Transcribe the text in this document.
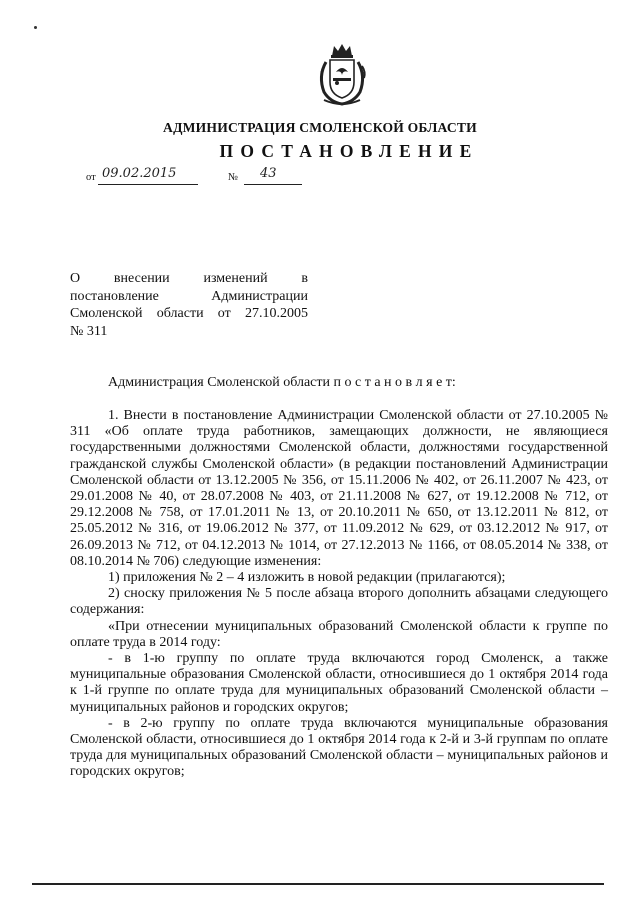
АДМИНИСТРАЦИЯ СМОЛЕНСКОЙ ОБЛАСТИ
ПОСТАНОВЛЕНИЕ
от 09.02.2015	№ 43
О внесении изменений в
постановление Администрации
Смоленской области от 27.10.2005
№ 311
Администрация Смоленской области п о с т а н о в л я е т:

1. Внести в постановление Администрации Смоленской области от 27.10.2005 № 311 «Об оплате труда работников, замещающих должности, не являющиеся государственными должностями Смоленской области, должностями государственной гражданской службы Смоленской области» (в редакции постановлений Администрации Смоленской области от 13.12.2005 № 356, от 15.11.2006 № 402, от 26.11.2007 № 423, от 29.01.2008 № 40, от 28.07.2008 № 403, от 21.11.2008 № 627, от 19.12.2008 № 712, от 29.12.2008 № 758, от 17.01.2011 № 13, от 20.10.2011 № 650, от 13.12.2011 № 812, от 25.05.2012 № 316, от 19.06.2012 № 377, от 11.09.2012 № 629, от 03.12.2012 № 917, от 26.09.2013 № 712, от 04.12.2013 № 1014, от 27.12.2013 № 1166, от 08.05.2014 № 338, от 08.10.2014 № 706) следующие изменения:

1) приложения № 2 – 4 изложить в новой редакции (прилагаются);

2) сноску приложения № 5 после абзаца второго дополнить абзацами следующего содержания:

«При отнесении муниципальных образований Смоленской области к группе по оплате труда в 2014 году:

- в 1-ю группу по оплате труда включаются город Смоленск, а также муниципальные образования Смоленской области, относившиеся до 1 октября 2014 года к 1-й группе по оплате труда для муниципальных образований Смоленской области – муниципальных районов и городских округов;

- в 2-ю группу по оплате труда включаются муниципальные образования Смоленской области, относившиеся до 1 октября 2014 года к 2-й и 3-й группам по оплате труда для муниципальных образований Смоленской области – муниципальных районов и городских округов;
